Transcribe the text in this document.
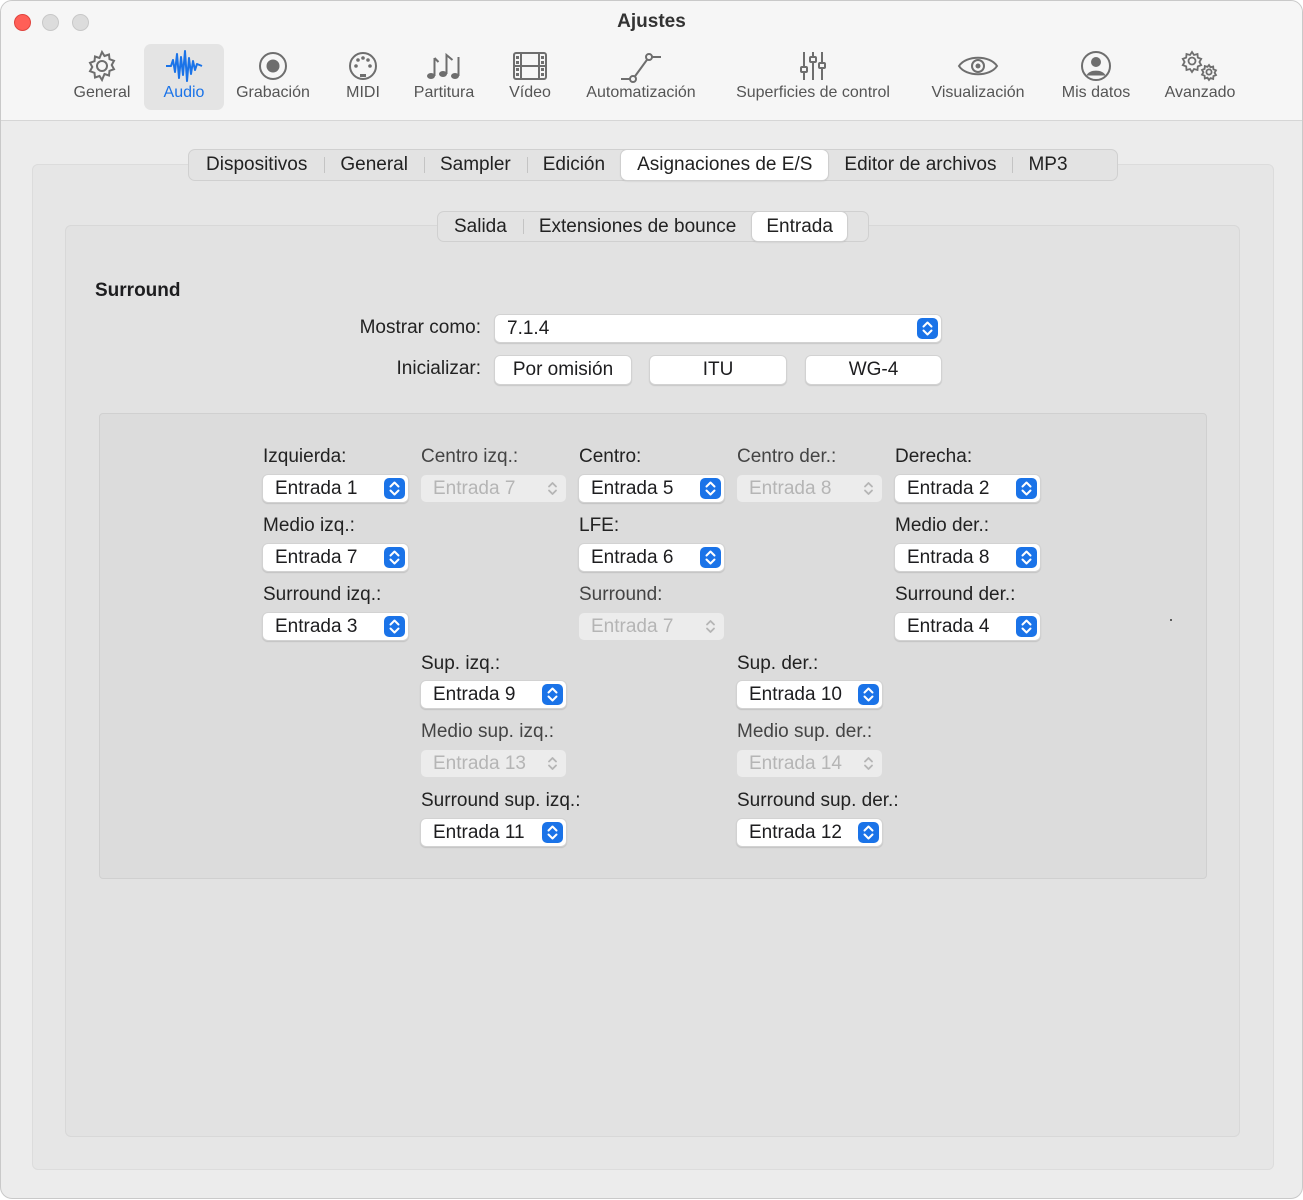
Ajustes
General	Audio	Grabación	MIDI	Partitura	Vídeo	Automatización	Superficies de control	Visualización	Mis datos	Avanzado
Dispositivos	General	Sampler	Edición	Asignaciones de E/S	Editor de archivos	MP3
Salida	Extensiones de bounce	Entrada
Surround
Mostrar como: 7.1.4
Inicializar:	Por omisión	ITU	WG-4
Izquierda:
Entrada 1
Centro izq.:
Entrada 7
Centro:
Entrada 5
Centro der.:
Entrada 8
Derecha:
Entrada 2
Medio izq.:
Entrada 7
LFE:
Entrada 6
Medio der.:
Entrada 8
Surround izq.:
Entrada 3
Surround:
Entrada 7
Surround der.:
Entrada 4
Sup. izq.:
Entrada 9
Sup. der.:
Entrada 10
Medio sup. izq.:
Entrada 13
Medio sup. der.:
Entrada 14
Surround sup. izq.:
Entrada 11
Surround sup. der.:
Entrada 12
